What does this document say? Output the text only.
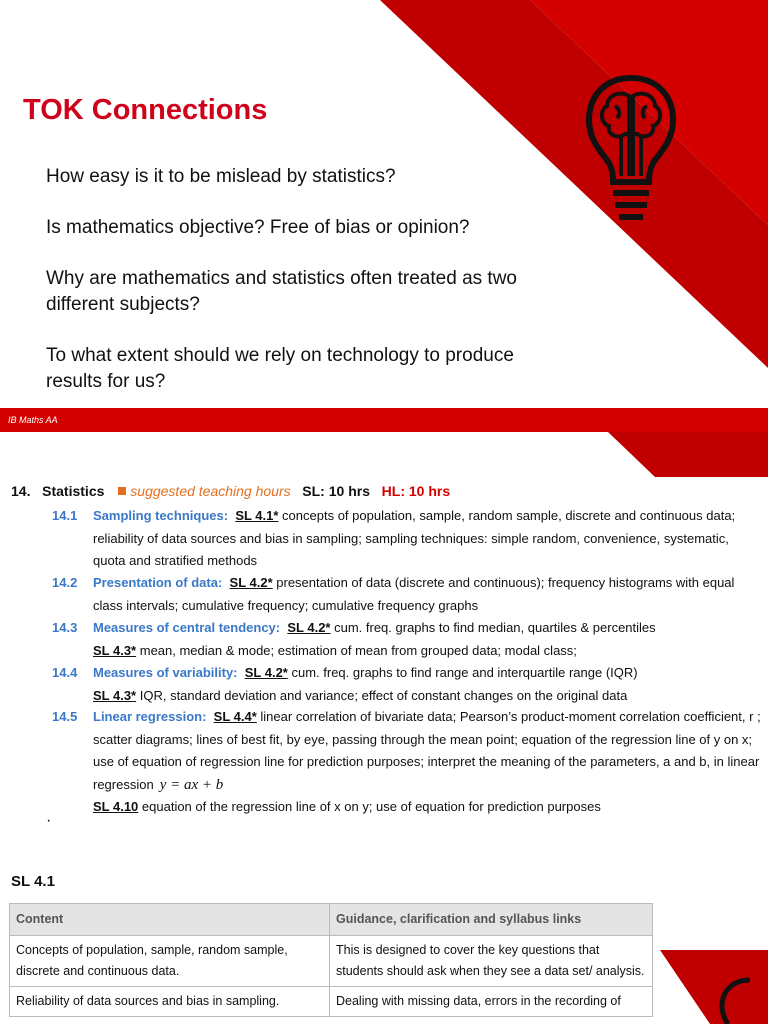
TOK Connections
How easy is it to be mislead by statistics?
Is mathematics objective? Free of bias or opinion?
Why are mathematics and statistics often treated as two different subjects?
To what extent should we rely on technology to produce results for us?
IB Maths AA
14. Statistics suggested teaching hours SL: 10 hrs HL: 10 hrs
14.1	Sampling techniques: SL 4.1* concepts of population, sample, random sample, discrete and continuous data; reliability of data sources and bias in sampling; sampling techniques: simple random, convenience, systematic, quota and stratified methods
14.2	Presentation of data: SL 4.2* presentation of data (discrete and continuous); frequency histograms with equal class intervals; cumulative frequency; cumulative frequency graphs
14.3	Measures of central tendency: SL 4.2* cum. freq. graphs to find median, quartiles & percentiles
SL 4.3* mean, median & mode; estimation of mean from grouped data; modal class;
14.4	Measures of variability: SL 4.2* cum. freq. graphs to find range and interquartile range (IQR)
SL 4.3* IQR, standard deviation and variance; effect of constant changes on the original data
14.5	Linear regression: SL 4.4* linear correlation of bivariate data; Pearson’s product-moment correlation coefficient, r ; scatter diagrams; lines of best fit, by eye, passing through the mean point; equation of the regression line of y on x; use of equation of regression line for prediction purposes; interpret the meaning of the parameters, a and b, in linear regression y = ax + b
SL 4.10 equation of the regression line of x on y; use of equation for prediction purposes
·
SL 4.1
Content	Guidance, clarification and syllabus links
Concepts of population, sample, random sample, discrete and continuous data.	This is designed to cover the key questions that students should ask when they see a data set/ analysis.
Reliability of data sources and bias in sampling.	Dealing with missing data, errors in the recording of
